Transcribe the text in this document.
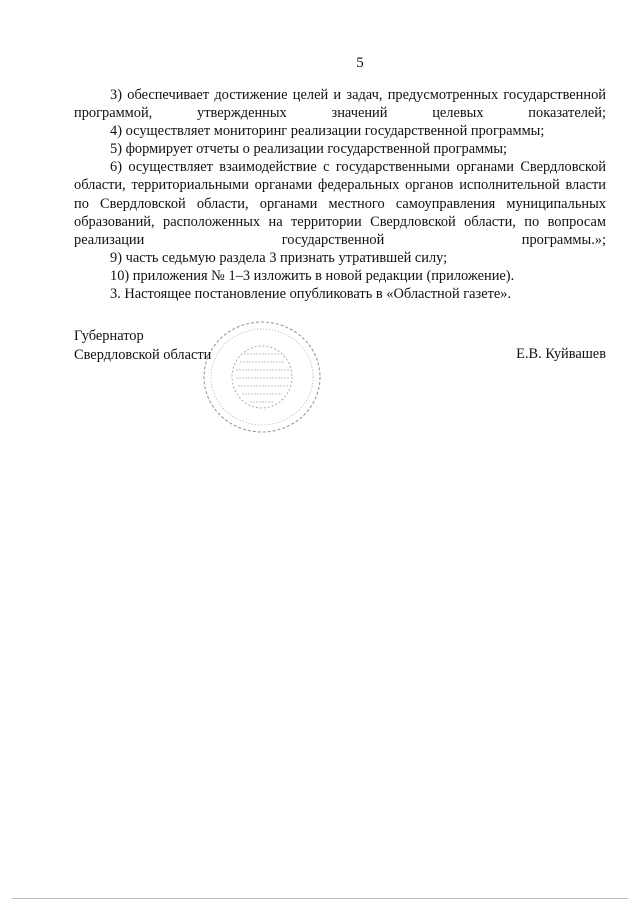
5

3) обеспечивает достижение целей и задач, предусмотренных государственной программой, утвержденных значений целевых показателей;

4) осуществляет мониторинг реализации государственной программы;

5) формирует отчеты о реализации государственной программы;

6) осуществляет взаимодействие с государственными органами Свердловской области, территориальными органами федеральных органов исполнительной власти по Свердловской области, органами местного самоуправления муниципальных образований, расположенных на территории Свердловской области, по вопросам реализации государственной программы.»;

9) часть седьмую раздела 3 признать утратившей силу;

10) приложения № 1–3 изложить в новой редакции (приложение).

3. Настоящее постановление опубликовать в «Областной газете».

Губернатор
Свердловской области	Е.В. Куйвашев
